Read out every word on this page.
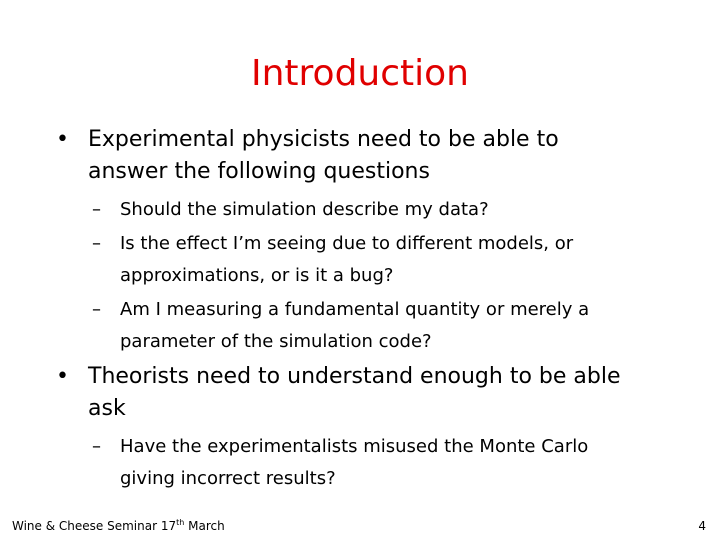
Introduction
• Experimental physicists need to be able to
answer the following questions
– Should the simulation describe my data?
– Is the effect I’m seeing due to different models, or
approximations, or is it a bug?
– Am I measuring a fundamental quantity or merely a
parameter of the simulation code?
• Theorists need to understand enough to be able
ask
– Have the experimentalists misused the Monte Carlo
giving incorrect results?
Wine & Cheese Seminar 17th March	4
